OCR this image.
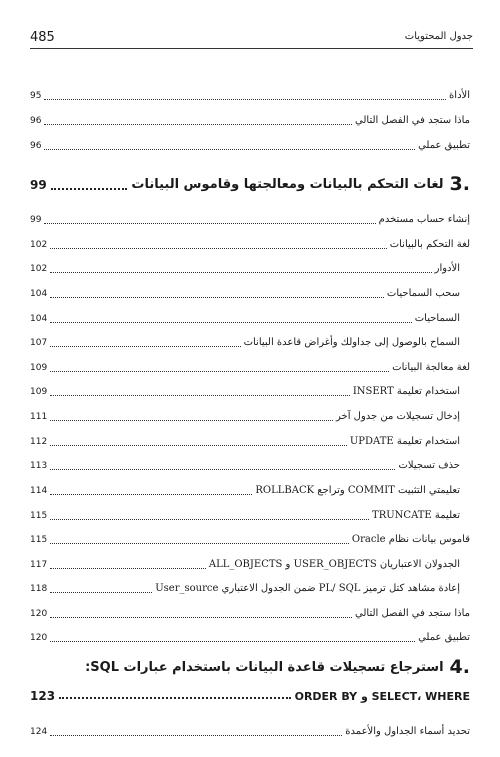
485	جدول المحتويات
الأداة
95
ماذا ستجد في الفصل التالي
96
تطبيق عملي
96
.3
لغات التحكم بالبيانات ومعالجتها وقاموس البيانات
99
إنشاء حساب مستخدم
99
لغة التحكم بالبيانات
102
الأدوار
102
سحب السماحيات
104
السماحيات
104
السماح بالوصول إلى جداولك وأغراض قاعدة البيانات
107
لغة معالجة البيانات
109
استخدام تعليمة INSERT
109
إدخال تسجيلات من جدول آخر
111
استخدام تعليمة UPDATE
112
حذف تسجيلات
113
تعليمتي التثبيت COMMIT وتراجع ROLLBACK
114
تعليمة TRUNCATE
115
قاموس بيانات نظام Oracle
115
الجدولان الاعتباريان USER_OBJECTS و ALL_OBJECTS
117
إعادة مشاهد كتل ترميز PL/ SQL ضمن الجدول الاعتباري User_source
118
ماذا ستجد في الفصل التالي
120
تطبيق عملي
120
.4
استرجاع تسجيلات قاعدة البيانات باستخدام عبارات SQL:
SELECT، WHERE و ORDER BY
123
تحديد أسماء الجداول والأعمدة
124
